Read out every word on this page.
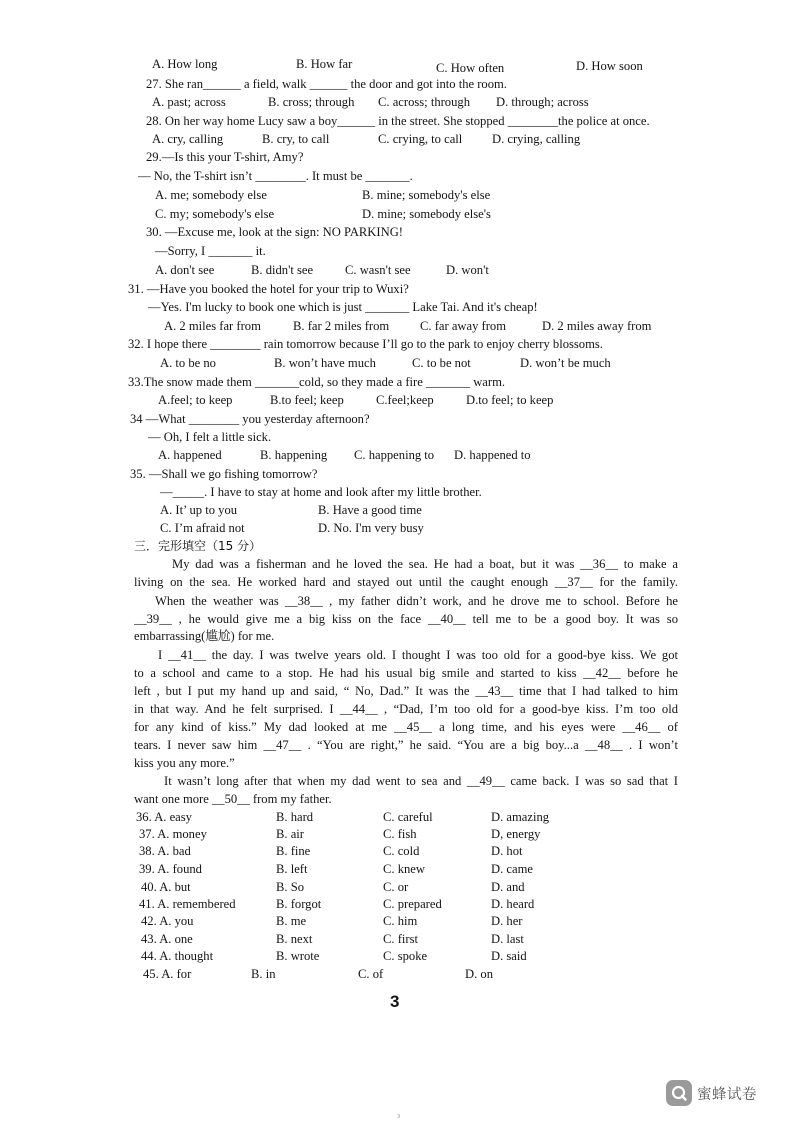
A. How long	B. How far	C. How often	D. How soon
27. She ran______ a field, walk ______ the door and got into the room.
A. past; across	B. cross; through C. across; through D. through; across
28. On her way home Lucy saw a boy______ in the street. She stopped ________the police at once.
A. cry, calling	B. cry, to call	C. crying, to call D. crying, calling
29.—Is this your T-shirt, Amy?
— No, the T-shirt isn’t ________. It must be _______.
A. me; somebody else	B. mine; somebody's else
C. my; somebody's else	D. mine; somebody else's
30. —Excuse me, look at the sign: NO PARKING!
—Sorry, I _______ it.
A. don't see	B. didn't see	C. wasn't see	D. won't
31. —Have you booked the hotel for your trip to Wuxi?
—Yes. I'm lucky to book one which is just _______ Lake Tai. And it's cheap!
A. 2 miles far from	B. far 2 miles from C. far away from	D. 2 miles away from
32. I hope there ________ rain tomorrow because I’ll go to the park to enjoy cherry blossoms.
A. to be no	B. won’t have much	C. to be not	D. won’t be much
33.The snow made them _______cold, so they made a fire _______ warm.
A.feel; to keep	B.to feel; keep	C.feel;keep	D.to feel; to keep
34 —What ________ you yesterday afternoon?
— Oh, I felt a little sick.
A. happened	B. happening C. happening to D. happened to
35. —Shall we go fishing tomorrow?
—_____. I have to stay at home and look after my little brother.
A. It’ up to you	B. Have a good time
C. I’m afraid not	D. No. I'm very busy
三．完形填空（15 分）
My dad was a fisherman and he loved the sea. He had a boat, but it was __36__ to make a
living on the sea. He worked hard and stayed out until the caught enough __37__ for the family.
When the weather was __38__ , my father didn’t work, and he drove me to school. Before he
__39__ , he would give me a big kiss on the face __40__ tell me to be a good boy. It was so
embarrassing(尴尬) for me.
I __41__ the day. I was twelve years old. I thought I was too old for a good-bye kiss. We got
to a school and came to a stop. He had his usual big smile and started to kiss __42__ before he
left , but I put my hand up and said, “ No, Dad.” It was the __43__ time that I had talked to him
in that way. And he felt surprised. I __44__ , “Dad, I’m too old for a good-bye kiss. I’m too old
for any kind of kiss.” My dad looked at me __45__ a long time, and his eyes were __46__ of
tears. I never saw him __47__ . “You are right,” he said. “You are a big boy...a __48__ . I won’t
kiss you any more.”
It wasn’t long after that when my dad went to sea and __49__ came back. I was so sad that I
want one more __50__ from my father.
36. A. easy	B. hard	C. careful	D. amazing
37. A. money	B. air	C. fish	D, energy
38. A. bad	B. fine	C. cold	D. hot
39. A. found	B. left	C. knew	D. came
40. A. but	B. So	C. or	D. and
41. A. remembered	B. forgot	C. prepared	D. heard
42. A. you	B. me	C. him	D. her
43. A. one	B. next	C. first	D. last
44. A. thought	B. wrote	C. spoke	D. said
45. A. for	B. in	C. of	D. on
3
蜜蜂试卷
3
